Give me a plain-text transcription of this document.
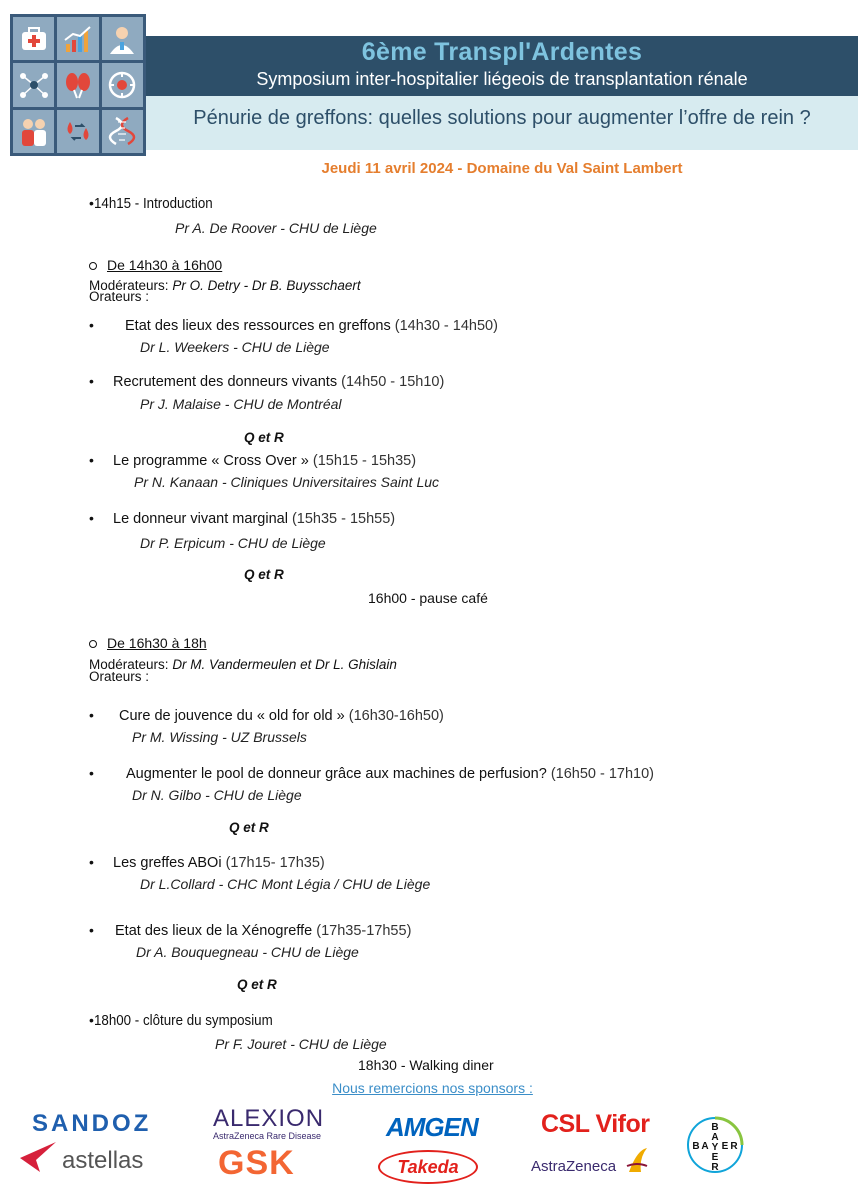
6ème Transpl'Ardentes
Symposium inter-hospitalier liégeois de transplantation rénale
Pénurie de greffons: quelles solutions pour augmenter l’offre de rein ?
Jeudi 11 avril 2024 - Domaine du Val Saint Lambert
•14h15 - Introduction
Pr A. De Roover - CHU de Liège
De 14h30 à 16h00
Modérateurs: Pr O. Detry - Dr B. Buysschaert
Orateurs :
• Etat des lieux des ressources en greffons (14h30 - 14h50)
Dr L. Weekers - CHU de Liège
• Recrutement des donneurs vivants (14h50 - 15h10)
Pr J. Malaise - CHU de Montréal
Q et R
• Le programme « Cross Over » (15h15 - 15h35)
Pr N. Kanaan - Cliniques Universitaires Saint Luc
• Le donneur vivant marginal (15h35 - 15h55)
Dr P. Erpicum - CHU de Liège
Q et R
16h00 - pause café
De 16h30 à 18h
Modérateurs: Dr M. Vandermeulen et Dr L. Ghislain
Orateurs :
• Cure de jouvence du « old for old » (16h30-16h50)
Pr M. Wissing - UZ Brussels
• Augmenter le pool de donneur grâce aux machines de perfusion? (16h50 - 17h10)
Dr N. Gilbo - CHU de Liège
Q et R
• Les greffes ABOi (17h15- 17h35)
Dr L.Collard - CHC Mont Légia / CHU de Liège
• Etat des lieux de la Xénogreffe (17h35-17h55)
Dr A. Bouquegneau - CHU de Liège
Q et R
•18h00 - clôture du symposium
Pr F. Jouret - CHU de Liège
18h30 - Walking diner
Nous remercions nos sponsors :
SANDOZ
astellas
ALEXION
AstraZeneca Rare Disease
GSK
AMGEN
Takeda
CSL Vifor
AstraZeneca
B
A
Y
E
R
B A E R
